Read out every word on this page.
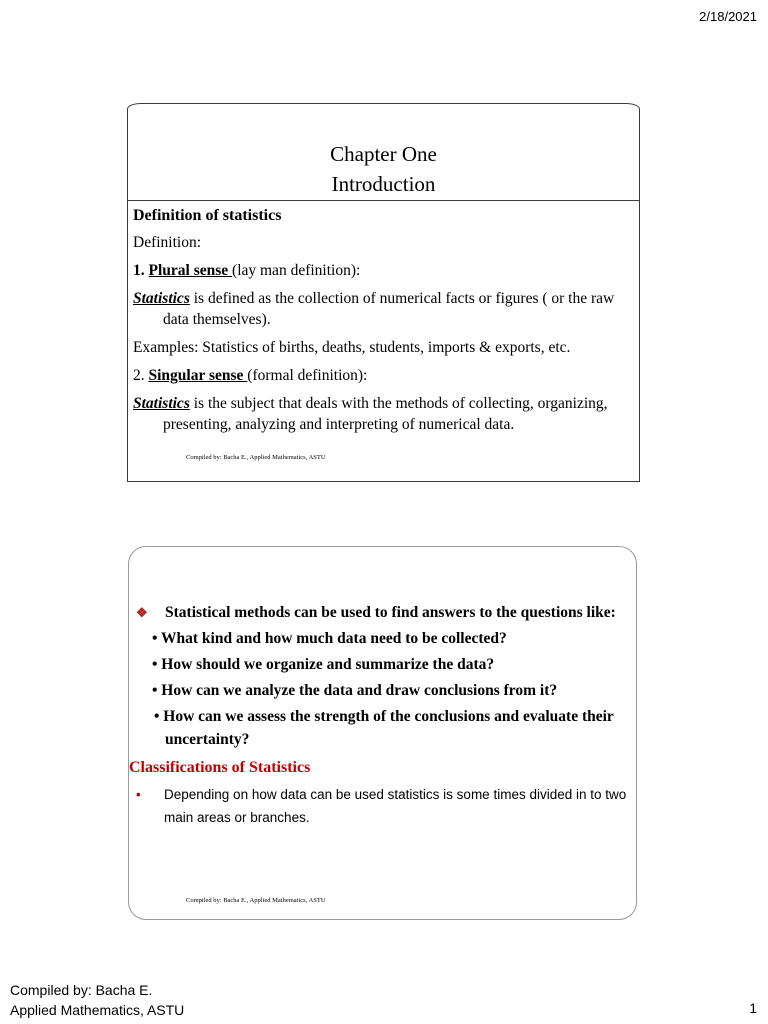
2/18/2021
Chapter One
Introduction

Definition of statistics

Definition:

1. Plural sense (lay man definition):

Statistics is defined as the collection of numerical facts or figures ( or the raw data themselves).

Examples: Statistics of births, deaths, students, imports & exports, etc.

2. Singular sense (formal definition):

Statistics is the subject that deals with the methods of collecting, organizing, presenting, analyzing and interpreting of numerical data.

Compiled by: Bacha E., Applied Mathematics, ASTU

❖ Statistical methods can be used to find answers to the questions like:

• What kind and how much data need to be collected?

• How should we organize and summarize the data?

• How can we analyze the data and draw conclusions from it?

• How can we assess the strength of the conclusions and evaluate their uncertainty?

Classifications of Statistics

• Depending on how data can be used statistics is some times divided in to two main areas or branches.

Compiled by: Bacha E., Applied Mathematics, ASTU
Compiled by: Bacha E.
Applied Mathematics, ASTU	1
